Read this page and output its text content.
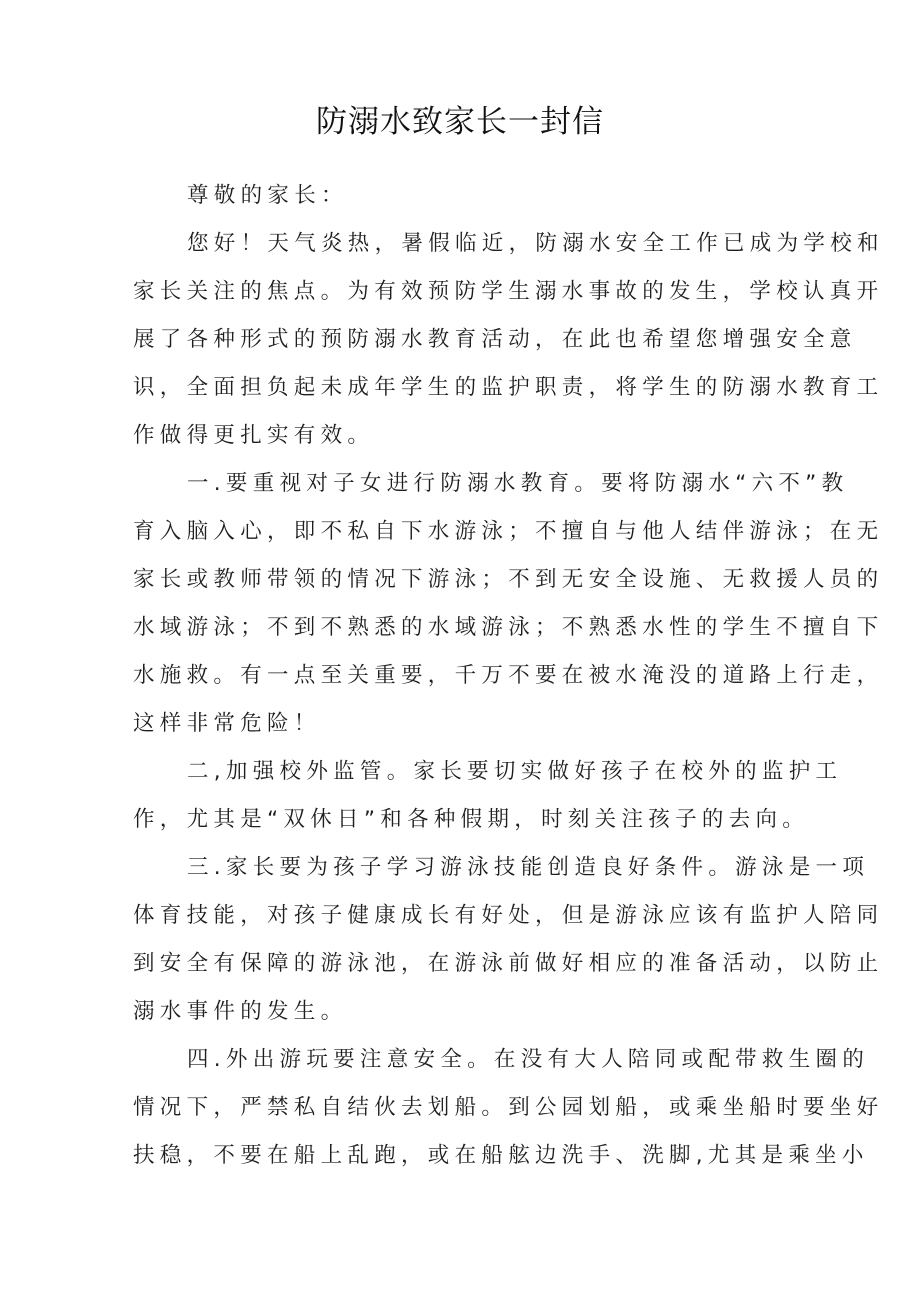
防溺水致家长一封信
尊敬的家长：
您好！天气炎热，暑假临近，防溺水安全工作已成为学校和
家长关注的焦点。为有效预防学生溺水事故的发生，学校认真开
展了各种形式的预防溺水教育活动，在此也希望您增强安全意
识，全面担负起未成年学生的监护职责，将学生的防溺水教育工
作做得更扎实有效。
一.要重视对子女进行防溺水教育。要将防溺水“六不”教
育入脑入心，即不私自下水游泳；不擅自与他人结伴游泳；在无
家长或教师带领的情况下游泳；不到无安全设施、无救援人员的
水域游泳；不到不熟悉的水域游泳；不熟悉水性的学生不擅自下
水施救。有一点至关重要，千万不要在被水淹没的道路上行走，
这样非常危险！
二,加强校外监管。家长要切实做好孩子在校外的监护工
作，尤其是“双休日”和各种假期，时刻关注孩子的去向。
三.家长要为孩子学习游泳技能创造良好条件。游泳是一项
体育技能，对孩子健康成长有好处，但是游泳应该有监护人陪同
到安全有保障的游泳池，在游泳前做好相应的准备活动，以防止
溺水事件的发生。
四.外出游玩要注意安全。在没有大人陪同或配带救生圈的
情况下，严禁私自结伙去划船。到公园划船，或乘坐船时要坐好
扶稳，不要在船上乱跑，或在船舷边洗手、洗脚,尤其是乘坐小
